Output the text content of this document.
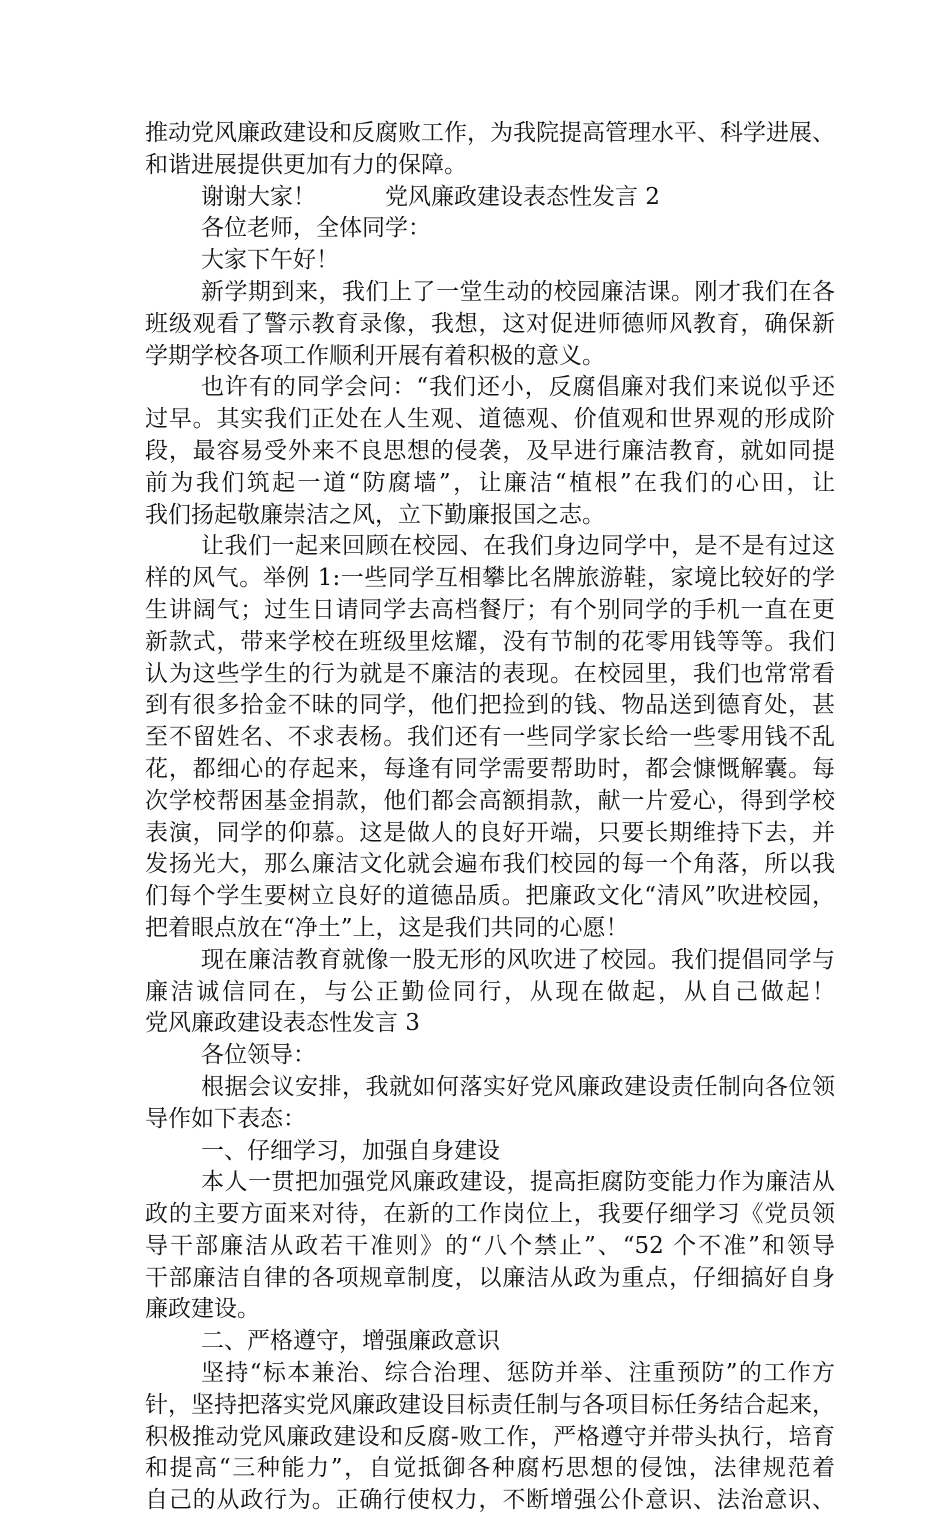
推动党风廉政建设和反腐败工作，为我院提高管理水平、科学进展、
和谐进展提供更加有力的保障。
谢谢大家！　　　党风廉政建设表态性发言 2
各位老师，全体同学：
大家下午好！
新学期到来，我们上了一堂生动的校园廉洁课。刚才我们在各
班级观看了警示教育录像，我想，这对促进师德师风教育，确保新
学期学校各项工作顺利开展有着积极的意义。
也许有的同学会问：“我们还小，反腐倡廉对我们来说似乎还
过早。其实我们正处在人生观、道德观、价值观和世界观的形成阶
段，最容易受外来不良思想的侵袭，及早进行廉洁教育，就如同提
前为我们筑起一道“防腐墙”，让廉洁“植根”在我们的心田，让
我们扬起敬廉崇洁之风，立下勤廉报国之志。
让我们一起来回顾在校园、在我们身边同学中，是不是有过这
样的风气。举例 1:一些同学互相攀比名牌旅游鞋，家境比较好的学
生讲阔气；过生日请同学去高档餐厅；有个别同学的手机一直在更
新款式，带来学校在班级里炫耀，没有节制的花零用钱等等。我们
认为这些学生的行为就是不廉洁的表现。在校园里，我们也常常看
到有很多拾金不昧的同学，他们把捡到的钱、物品送到德育处，甚
至不留姓名、不求表杨。我们还有一些同学家长给一些零用钱不乱
花，都细心的存起来，每逢有同学需要帮助时，都会慷慨解囊。每
次学校帮困基金捐款，他们都会高额捐款，献一片爱心，得到学校
表演，同学的仰慕。这是做人的良好开端，只要长期维持下去，并
发扬光大，那么廉洁文化就会遍布我们校园的每一个角落，所以我
们每个学生要树立良好的道德品质。把廉政文化“清风”吹进校园，
把着眼点放在“净土”上，这是我们共同的心愿！
现在廉洁教育就像一股无形的风吹进了校园。我们提倡同学与
廉洁诚信同在，与公正勤俭同行，从现在做起，从自己做起！
党风廉政建设表态性发言 3
各位领导：
根据会议安排，我就如何落实好党风廉政建设责任制向各位领
导作如下表态：
一、仔细学习，加强自身建设
本人一贯把加强党风廉政建设，提高拒腐防变能力作为廉洁从
政的主要方面来对待，在新的工作岗位上，我要仔细学习《党员领
导干部廉洁从政若干准则》的“八个禁止”、“52 个不准”和领导
干部廉洁自律的各项规章制度，以廉洁从政为重点，仔细搞好自身
廉政建设。
二、严格遵守，增强廉政意识
坚持“标本兼治、综合治理、惩防并举、注重预防”的工作方
针，坚持把落实党风廉政建设目标责任制与各项目标任务结合起来，
积极推动党风廉政建设和反腐-败工作，严格遵守并带头执行，培育
和提高“三种能力”，自觉抵御各种腐朽思想的侵蚀，法律规范着
自己的从政行为。正确行使权力，不断增强公仆意识、法治意识、
